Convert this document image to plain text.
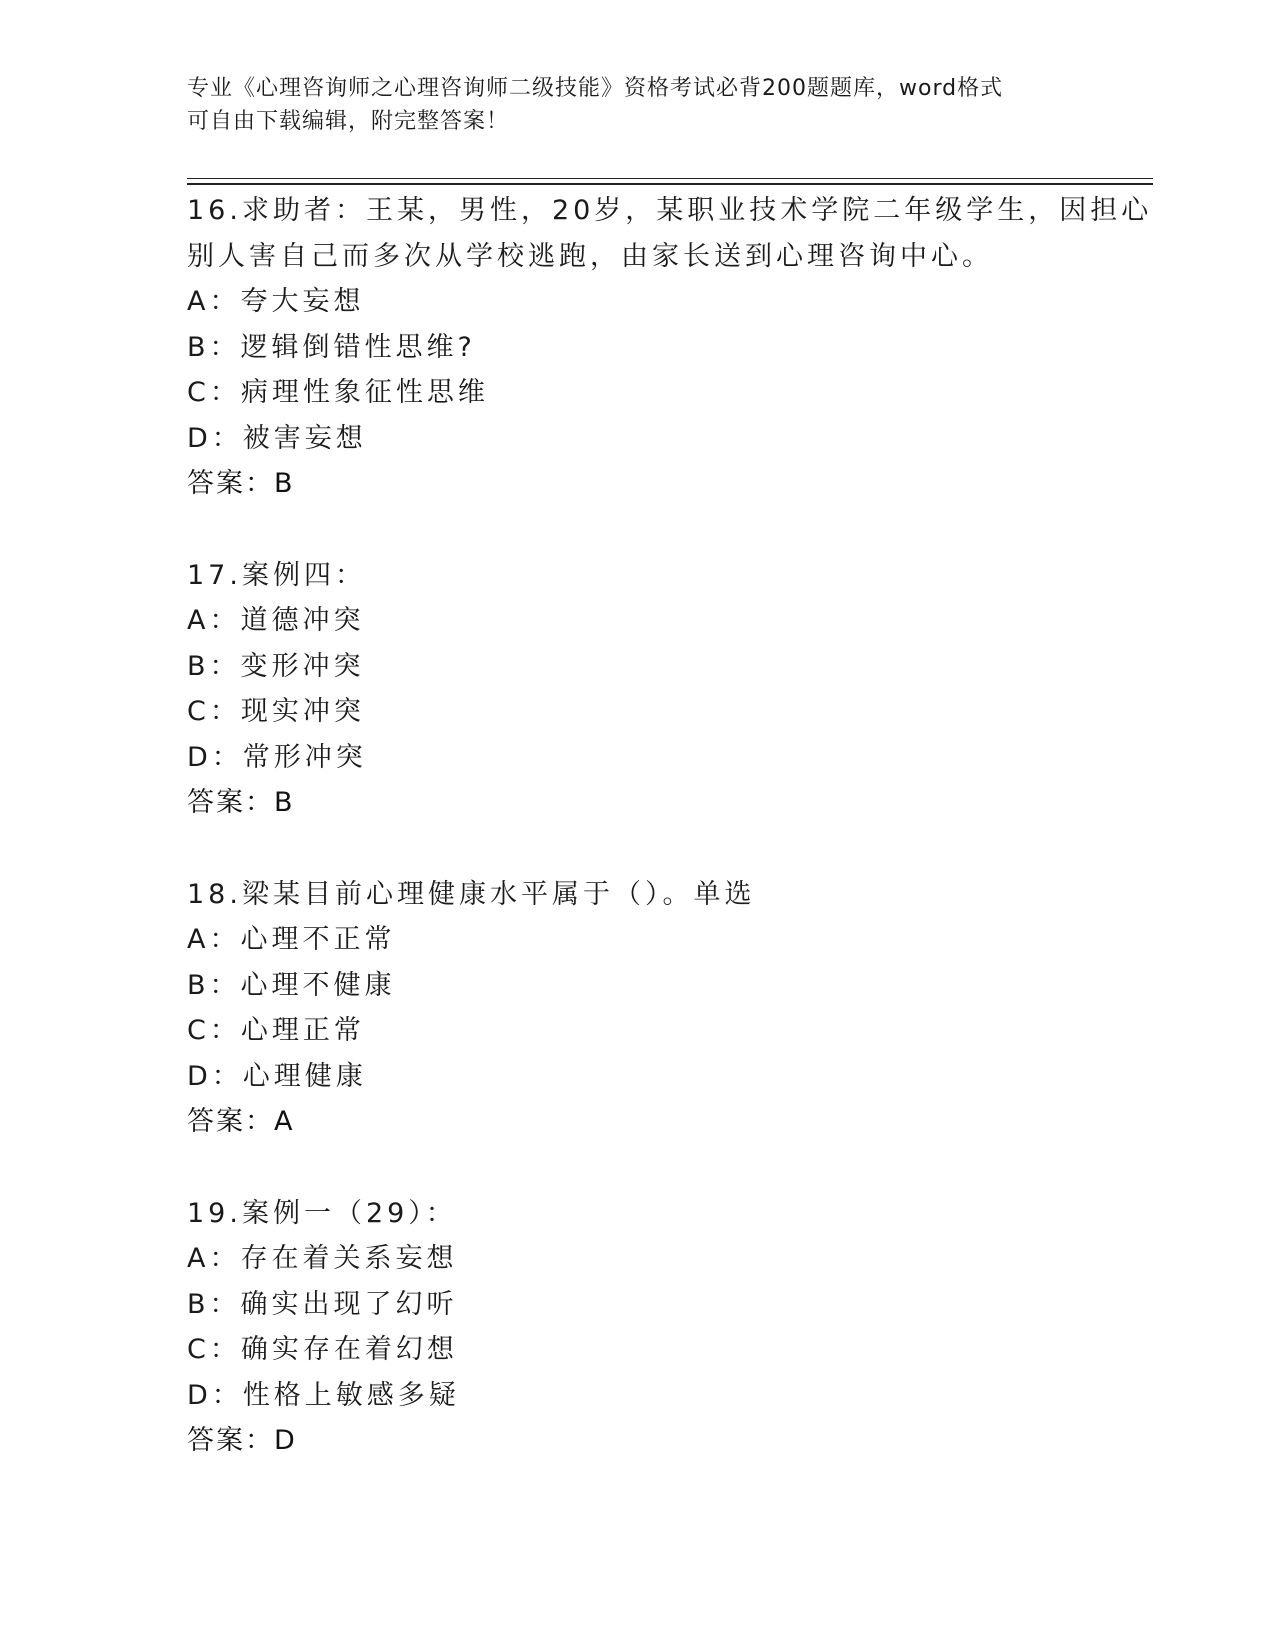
专业《心理咨询师之心理咨询师二级技能》资格考试必背200题题库，word格式
可自由下载编辑，附完整答案！
16.求助者：王某，男性，20岁，某职业技术学院二年级学生，因担心
别人害自己而多次从学校逃跑，由家长送到心理咨询中心。
A：夸大妄想
B：逻辑倒错性思维?
C：病理性象征性思维
D：被害妄想
答案：B
17.案例四：
A：道德冲突
B：变形冲突
C：现实冲突
D：常形冲突
答案：B
18.梁某目前心理健康水平属于（）。单选
A：心理不正常
B：心理不健康
C：心理正常
D：心理健康
答案：A
19.案例一（29）：
A：存在着关系妄想
B：确实出现了幻听
C：确实存在着幻想
D：性格上敏感多疑
答案：D
